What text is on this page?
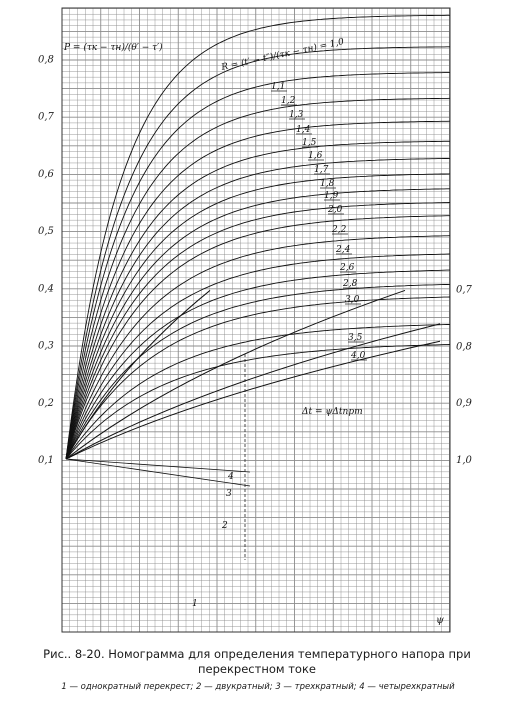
0,1
0,2
0,3
0,4
0,5
0,6
0,7
0,8
1,0
0,9
0,8
0,7
ψ
P = (τк − τн)/(θ′ − τ′)
1
2
3
4
1,1
1,2
1,3
1,4
1,5
1,6
1,7
1,8
1,9
2,0
2,2
2,4
2,6
2,8
3,0
3,5
4,0
R = (t′ − t″)/(τк − τн) = 1,0
Δt = ψΔtпрт
Рис.. 8-20. Номограмма для определения температурного напора при перекрестном токе
1 — однократный перекрест; 2 — двукратный; 3 — трехкратный; 4 — четырехкратный
